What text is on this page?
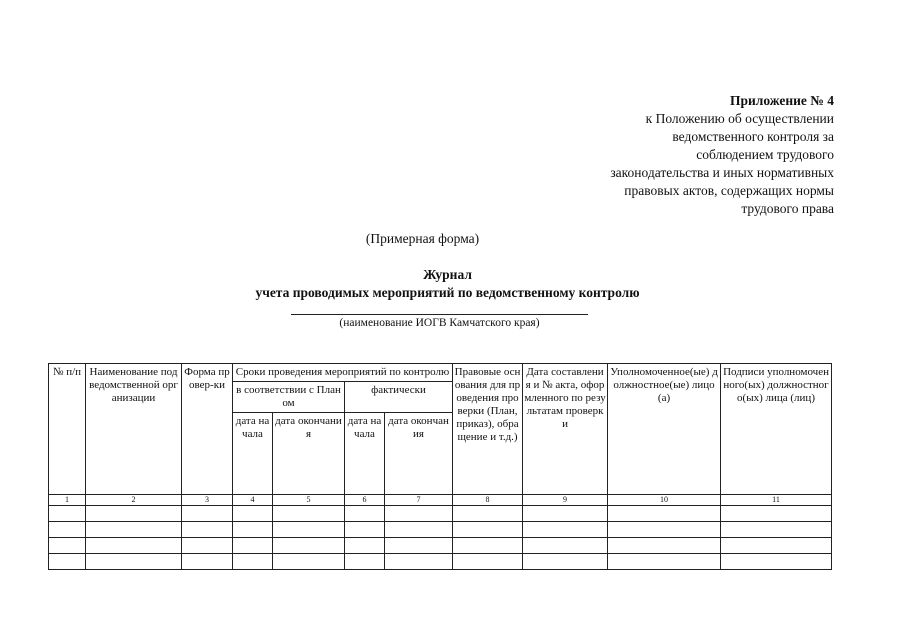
Приложение № 4
к Положению об осуществлении
ведомственного контроля за
соблюдением трудового
законодательства и иных нормативных
правовых актов, содержащих нормы
трудового права
(Примерная форма)
Журнал
учета проводимых мероприятий по ведомственному контролю
(наименование ИОГВ Камчатского края)
№ п/п	Наименование подведомственной организации	Форма провер-ки	Сроки проведения мероприятий по контролю				Правовые основания для проведения проверки (План, приказ), обращение и т.д.)	Дата составления и № акта, оформленного по результатам проверки	Уполномоченное(ые) должностное(ые) лицо(а)	Подписи уполномоченного(ых) должностного(ых) лица (лиц)
			в соответствии с Планом		фактически					
			дата начала	дата окончания	дата начала	дата окончания				
1	2	3	4	5	6	7	8	9	10	11
